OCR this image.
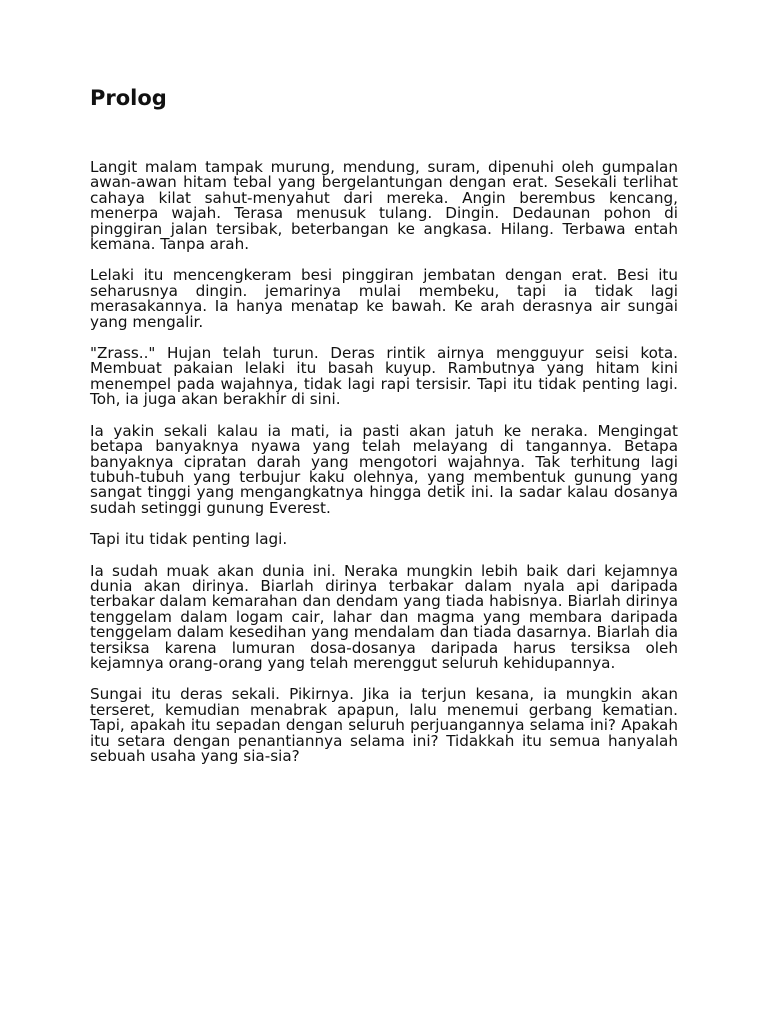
Prolog

Langit malam tampak murung, mendung, suram, dipenuhi oleh gumpalan awan-awan hitam tebal yang bergelantungan dengan erat. Sesekali terlihat cahaya kilat sahut-menyahut dari mereka. Angin berembus kencang, menerpa wajah. Terasa menusuk tulang. Dingin. Dedaunan pohon di pinggiran jalan tersibak, beterbangan ke angkasa. Hilang. Terbawa entah kemana. Tanpa arah.

Lelaki itu mencengkeram besi pinggiran jembatan dengan erat. Besi itu seharusnya dingin. jemarinya mulai membeku, tapi ia tidak lagi merasakannya. Ia hanya menatap ke bawah. Ke arah derasnya air sungai yang mengalir.

"Zrass.." Hujan telah turun. Deras rintik airnya mengguyur seisi kota. Membuat pakaian lelaki itu basah kuyup. Rambutnya yang hitam kini menempel pada wajahnya, tidak lagi rapi tersisir. Tapi itu tidak penting lagi. Toh, ia juga akan berakhir di sini.

Ia yakin sekali kalau ia mati, ia pasti akan jatuh ke neraka. Mengingat betapa banyaknya nyawa yang telah melayang di tangannya. Betapa banyaknya cipratan darah yang mengotori wajahnya. Tak terhitung lagi tubuh-tubuh yang terbujur kaku olehnya, yang membentuk gunung yang sangat tinggi yang mengangkatnya hingga detik ini. Ia sadar kalau dosanya sudah setinggi gunung Everest.

Tapi itu tidak penting lagi.

Ia sudah muak akan dunia ini. Neraka mungkin lebih baik dari kejamnya dunia akan dirinya. Biarlah dirinya terbakar dalam nyala api daripada terbakar dalam kemarahan dan dendam yang tiada habisnya. Biarlah dirinya tenggelam dalam logam cair, lahar dan magma yang membara daripada tenggelam dalam kesedihan yang mendalam dan tiada dasarnya. Biarlah dia tersiksa karena lumuran dosa-dosanya daripada harus tersiksa oleh kejamnya orang-orang yang telah merenggut seluruh kehidupannya.

Sungai itu deras sekali. Pikirnya. Jika ia terjun kesana, ia mungkin akan terseret, kemudian menabrak apapun, lalu menemui gerbang kematian. Tapi, apakah itu sepadan dengan seluruh perjuangannya selama ini? Apakah itu setara dengan penantiannya selama ini? Tidakkah itu semua hanyalah sebuah usaha yang sia-sia?
